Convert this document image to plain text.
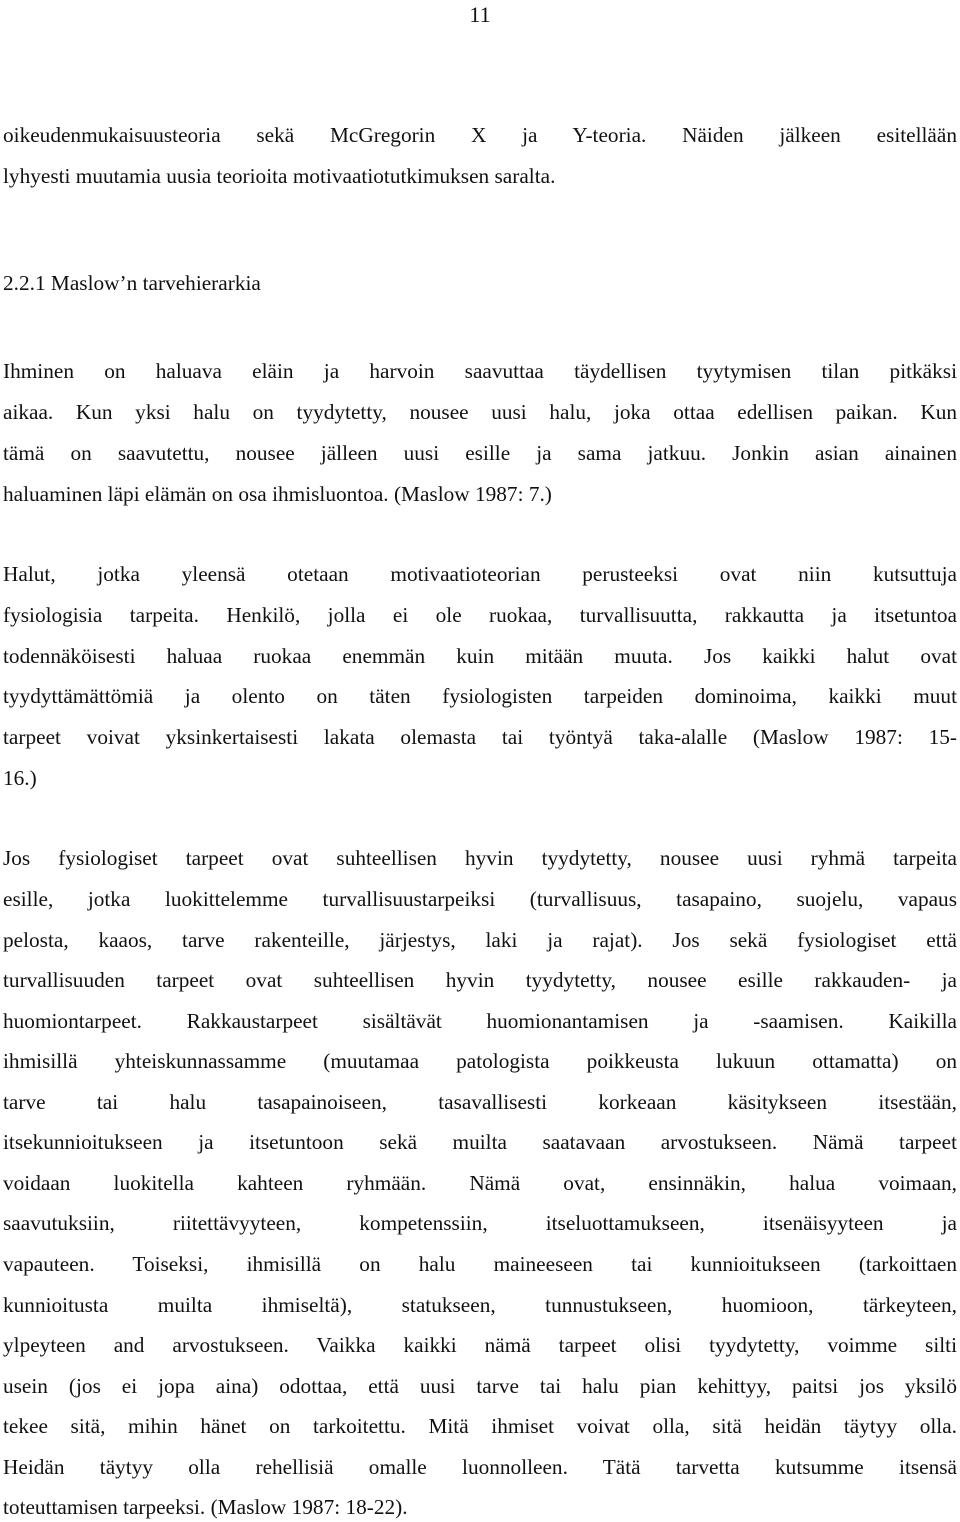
11
oikeudenmukaisuusteoria sekä McGregorin X ja Y-teoria. Näiden jälkeen esitellään
lyhyesti muutamia uusia teorioita motivaatiotutkimuksen saralta.
2.2.1 Maslow’n tarvehierarkia
Ihminen on haluava eläin ja harvoin saavuttaa täydellisen tyytymisen tilan pitkäksi
aikaa. Kun yksi halu on tyydytetty, nousee uusi halu, joka ottaa edellisen paikan. Kun
tämä on saavutettu, nousee jälleen uusi esille ja sama jatkuu. Jonkin asian ainainen
haluaminen läpi elämän on osa ihmisluontoa. (Maslow 1987: 7.)
Halut, jotka yleensä otetaan motivaatioteorian perusteeksi ovat niin kutsuttuja
fysiologisia tarpeita. Henkilö, jolla ei ole ruokaa, turvallisuutta, rakkautta ja itsetuntoa
todennäköisesti haluaa ruokaa enemmän kuin mitään muuta. Jos kaikki halut ovat
tyydyttämättömiä ja olento on täten fysiologisten tarpeiden dominoima, kaikki muut
tarpeet voivat yksinkertaisesti lakata olemasta tai työntyä taka-alalle (Maslow 1987: 15-
16.)
Jos fysiologiset tarpeet ovat suhteellisen hyvin tyydytetty, nousee uusi ryhmä tarpeita
esille, jotka luokittelemme turvallisuustarpeiksi (turvallisuus, tasapaino, suojelu, vapaus
pelosta, kaaos, tarve rakenteille, järjestys, laki ja rajat). Jos sekä fysiologiset että
turvallisuuden tarpeet ovat suhteellisen hyvin tyydytetty, nousee esille rakkauden- ja
huomiontarpeet. Rakkaustarpeet sisältävät huomionantamisen ja -saamisen. Kaikilla
ihmisillä yhteiskunnassamme (muutamaa patologista poikkeusta lukuun ottamatta) on
tarve tai halu tasapainoiseen, tasavallisesti korkeaan käsitykseen itsestään,
itsekunnioitukseen ja itsetuntoon sekä muilta saatavaan arvostukseen. Nämä tarpeet
voidaan luokitella kahteen ryhmään. Nämä ovat, ensinnäkin, halua voimaan,
saavutuksiin, riitettävyyteen, kompetenssiin, itseluottamukseen, itsenäisyyteen ja
vapauteen. Toiseksi, ihmisillä on halu maineeseen tai kunnioitukseen (tarkoittaen
kunnioitusta muilta ihmiseltä), statukseen, tunnustukseen, huomioon, tärkeyteen,
ylpeyteen and arvostukseen. Vaikka kaikki nämä tarpeet olisi tyydytetty, voimme silti
usein (jos ei jopa aina) odottaa, että uusi tarve tai halu pian kehittyy, paitsi jos yksilö
tekee sitä, mihin hänet on tarkoitettu. Mitä ihmiset voivat olla, sitä heidän täytyy olla.
Heidän täytyy olla rehellisiä omalle luonnolleen. Tätä tarvetta kutsumme itsensä
toteuttamisen tarpeeksi. (Maslow 1987: 18-22).
